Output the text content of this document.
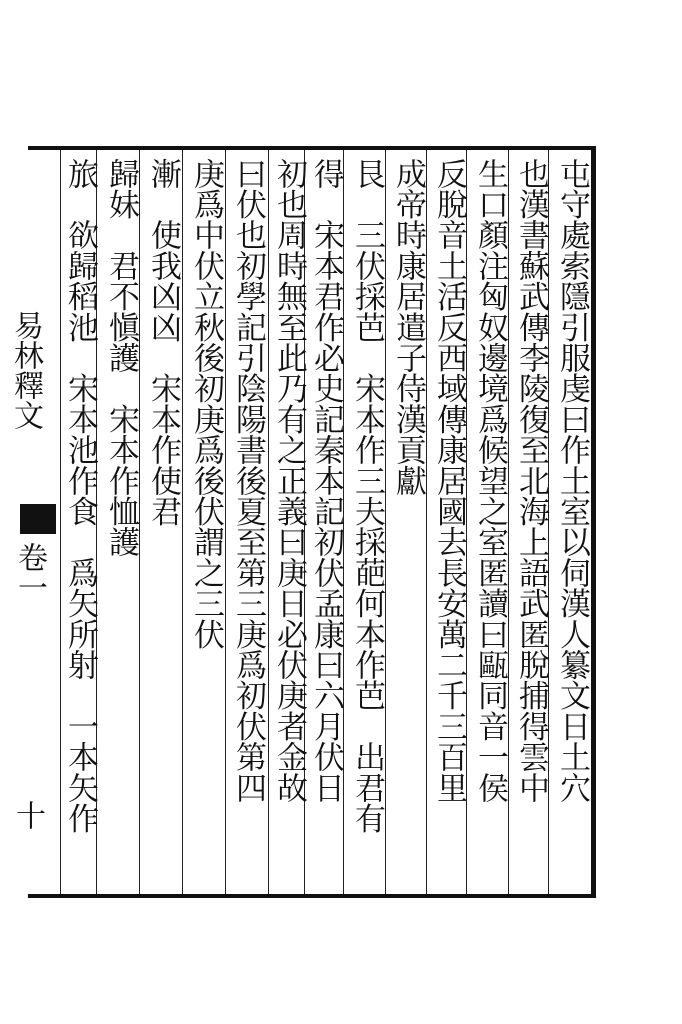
易林釋文
卷一
十
屯守處索隱引服虔曰作土室以伺漢人纂文日土穴
也漢書蘇武傳李陵復至北海上語武匿脫捕得雲中
生口顏注匈奴邊境爲候望之室匿讀曰甌同音一侯
反脫音土活反西域傳康居國去長安萬二千三百里
成帝時康居遣子侍漢貢獻
艮　三伏採芭　宋本作三夫採葩何本作芭　出君有
得　宋本君作必史記秦本記初伏孟康曰六月伏日
初也周時無至此乃有之正義曰庚日必伏庚者金故
曰伏也初學記引陰陽書後夏至第三庚爲初伏第四
庚爲中伏立秋後初庚爲後伏謂之三伏
漸　使我凶凶　宋本作使君
歸妹　君不愼護　宋本作恤護
旅　欲歸稻池　宋本池作食　爲矢所射　一本矢作
